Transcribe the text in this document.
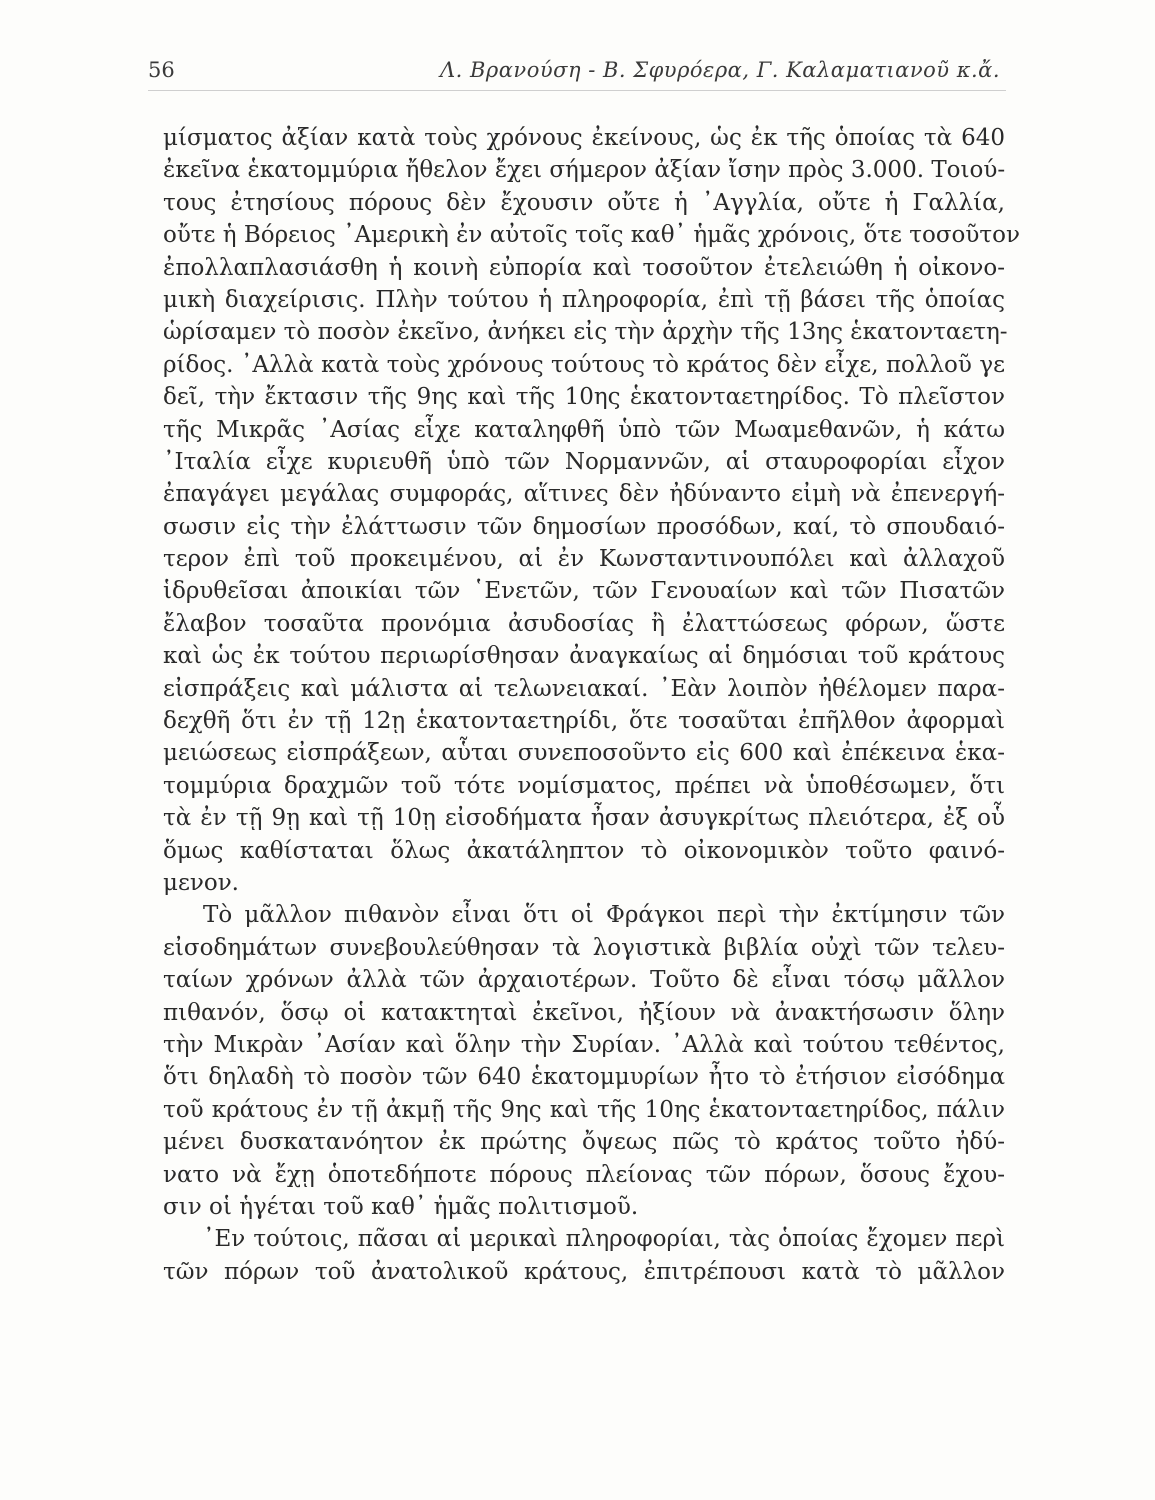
56	Λ. Βρανούση - Β. Σφυρόερα, Γ. Καλαματιανοῦ κ.ἄ.
μίσματος ἀξίαν κατὰ τοὺς χρόνους ἐκείνους, ὡς ἐκ τῆς ὁποίας τὰ 640
ἐκεῖνα ἑκατομμύρια ἤθελον ἔχει σήμερον ἀξίαν ἴσην πρὸς 3.000. Τοιού-
τους ἐτησίους πόρους δὲν ἔχουσιν οὔτε ἡ ᾿Αγγλία, οὔτε ἡ Γαλλία,
οὔτε ἡ Βόρειος ᾿Αμερικὴ ἐν αὐτοῖς τοῖς καθ᾿ ἡμᾶς χρόνοις, ὅτε τοσοῦτον
ἐπολλαπλασιάσθη ἡ κοινὴ εὐπορία καὶ τοσοῦτον ἐτελειώθη ἡ οἰκονο-
μικὴ διαχείρισις. Πλὴν τούτου ἡ πληροφορία, ἐπὶ τῇ βάσει τῆς ὁποίας
ὡρίσαμεν τὸ ποσὸν ἐκεῖνο, ἀνήκει εἰς τὴν ἀρχὴν τῆς 13ης ἑκατονταετη-
ρίδος. ᾿Αλλὰ κατὰ τοὺς χρόνους τούτους τὸ κράτος δὲν εἶχε, πολλοῦ γε
δεῖ, τὴν ἔκτασιν τῆς 9ης καὶ τῆς 10ης ἑκατονταετηρίδος. Τὸ πλεῖστον
τῆς Μικρᾶς ᾿Ασίας εἶχε καταληφθῆ ὑπὸ τῶν Μωαμεθανῶν, ἡ κάτω
᾿Ιταλία εἶχε κυριευθῆ ὑπὸ τῶν Νορμαννῶν, αἱ σταυροφορίαι εἶχον
ἐπαγάγει μεγάλας συμφοράς, αἵτινες δὲν ἠδύναντο εἰμὴ νὰ ἐπενεργή-
σωσιν εἰς τὴν ἐλάττωσιν τῶν δημοσίων προσόδων, καί, τὸ σπουδαιό-
τερον ἐπὶ τοῦ προκειμένου, αἱ ἐν Κωνσταντινουπόλει καὶ ἀλλαχοῦ
ἱδρυθεῖσαι ἀποικίαι τῶν ῾Ενετῶν, τῶν Γενουαίων καὶ τῶν Πισατῶν
ἔλαβον τοσαῦτα προνόμια ἀσυδοσίας ἢ ἐλαττώσεως φόρων, ὥστε
καὶ ὡς ἐκ τούτου περιωρίσθησαν ἀναγκαίως αἱ δημόσιαι τοῦ κράτους
εἰσπράξεις καὶ μάλιστα αἱ τελωνειακαί. ᾿Εὰν λοιπὸν ἠθέλομεν παρα-
δεχθῆ ὅτι ἐν τῇ 12ῃ ἑκατονταετηρίδι, ὅτε τοσαῦται ἐπῆλθον ἀφορμαὶ
μειώσεως εἰσπράξεων, αὗται συνεποσοῦντο εἰς 600 καὶ ἐπέκεινα ἑκα-
τομμύρια δραχμῶν τοῦ τότε νομίσματος, πρέπει νὰ ὑποθέσωμεν, ὅτι
τὰ ἐν τῇ 9ῃ καὶ τῇ 10ῃ εἰσοδήματα ἦσαν ἀσυγκρίτως πλειότερα, ἐξ οὗ
ὅμως καθίσταται ὅλως ἀκατάληπτον τὸ οἰκονομικὸν τοῦτο φαινό-
μενον.
Τὸ μᾶλλον πιθανὸν εἶναι ὅτι οἱ Φράγκοι περὶ τὴν ἐκτίμησιν τῶν
εἰσοδημάτων συνεβουλεύθησαν τὰ λογιστικὰ βιβλία οὐχὶ τῶν τελευ-
ταίων χρόνων ἀλλὰ τῶν ἀρχαιοτέρων. Τοῦτο δὲ εἶναι τόσῳ μᾶλλον
πιθανόν, ὅσῳ οἱ κατακτηταὶ ἐκεῖνοι, ἠξίουν νὰ ἀνακτήσωσιν ὅλην
τὴν Μικρὰν ᾿Ασίαν καὶ ὅλην τὴν Συρίαν. ᾿Αλλὰ καὶ τούτου τεθέντος,
ὅτι δηλαδὴ τὸ ποσὸν τῶν 640 ἑκατομμυρίων ἦτο τὸ ἐτήσιον εἰσόδημα
τοῦ κράτους ἐν τῇ ἀκμῇ τῆς 9ης καὶ τῆς 10ης ἑκατονταετηρίδος, πάλιν
μένει δυσκατανόητον ἐκ πρώτης ὄψεως πῶς τὸ κράτος τοῦτο ἠδύ-
νατο νὰ ἔχῃ ὁποτεδήποτε πόρους πλείονας τῶν πόρων, ὅσους ἔχου-
σιν οἱ ἡγέται τοῦ καθ᾿ ἡμᾶς πολιτισμοῦ.
᾿Εν τούτοις, πᾶσαι αἱ μερικαὶ πληροφορίαι, τὰς ὁποίας ἔχομεν περὶ
τῶν πόρων τοῦ ἀνατολικοῦ κράτους, ἐπιτρέπουσι κατὰ τὸ μᾶλλον
